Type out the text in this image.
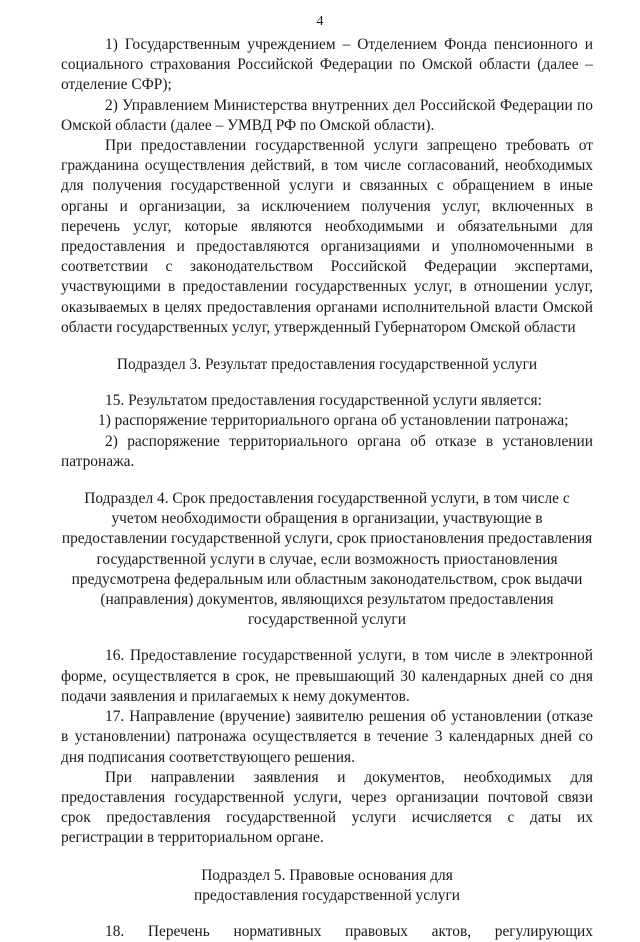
4

1) Государственным учреждением – Отделением Фонда пенсионного и социального страхования Российской Федерации по Омской области (далее – отделение СФР);

2) Управлением Министерства внутренних дел Российской Федерации по Омской области (далее – УМВД РФ по Омской области).

При предоставлении государственной услуги запрещено требовать от гражданина осуществления действий, в том числе согласований, необходимых для получения государственной услуги и связанных с обращением в иные органы и организации, за исключением получения услуг, включенных в перечень услуг, которые являются необходимыми и обязательными для предоставления и предоставляются организациями и уполномоченными в соответствии с законодательством Российской Федерации экспертами, участвующими в предоставлении государственных услуг, в отношении услуг, оказываемых в целях предоставления органами исполнительной власти Омской области государственных услуг, утвержденный Губернатором Омской области

Подраздел 3. Результат предоставления государственной услуги

15. Результатом предоставления государственной услуги является:

1) распоряжение территориального органа об установлении патронажа;

2) распоряжение территориального органа об отказе в установлении патронажа.

Подраздел 4. Срок предоставления государственной услуги, в том числе с учетом необходимости обращения в организации, участвующие в предоставлении государственной услуги, срок приостановления предоставления государственной услуги в случае, если возможность приостановления предусмотрена федеральным или областным законодательством, срок выдачи (направления) документов, являющихся результатом предоставления государственной услуги

16. Предоставление государственной услуги, в том числе в электронной форме, осуществляется в срок, не превышающий 30 календарных дней со дня подачи заявления и прилагаемых к нему документов.

17. Направление (вручение) заявителю решения об установлении (отказе в установлении) патронажа осуществляется в течение 3 календарных дней со дня подписания соответствующего решения.

При направлении заявления и документов, необходимых для предоставления государственной услуги, через организации почтовой связи срок предоставления государственной услуги исчисляется с даты их регистрации в территориальном органе.

Подраздел 5. Правовые основания для предоставления государственной услуги

18. Перечень нормативных правовых актов, регулирующих
